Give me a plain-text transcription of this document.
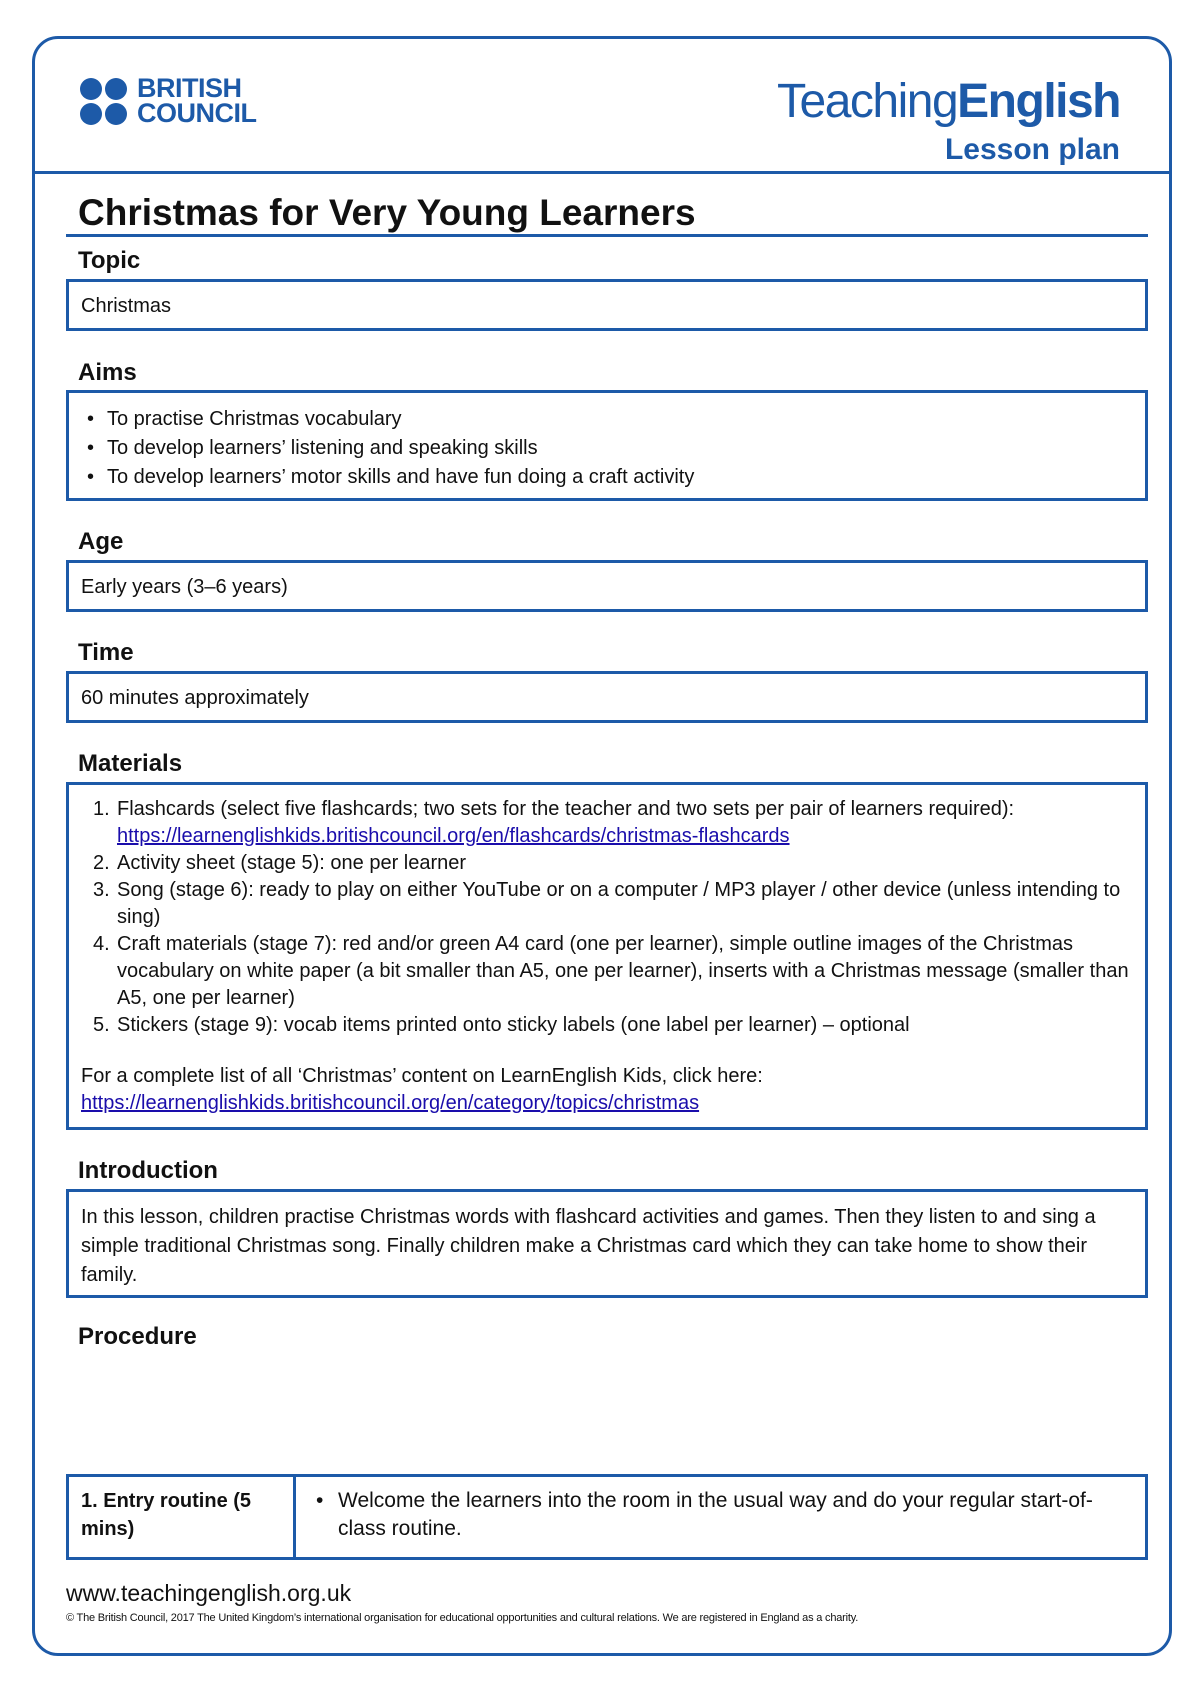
BRITISH
COUNCIL	TeachingEnglish
Lesson plan
Christmas for Very Young Learners
Topic

Christmas

Aims
• To practise Christmas vocabulary
• To develop learners’ listening and speaking skills
• To develop learners’ motor skills and have fun doing a craft activity
Age

Early years (3–6 years)

Time

60 minutes approximately

Materials
1. Flashcards (select five flashcards; two sets for the teacher and two sets per pair of learners required):
https://learnenglishkids.britishcouncil.org/en/flashcards/christmas-flashcards
2. Activity sheet (stage 5): one per learner
3. Song (stage 6): ready to play on either YouTube or on a computer / MP3 player / other device (unless intending to sing)
4. Craft materials (stage 7): red and/or green A4 card (one per learner), simple outline images of the Christmas vocabulary on white paper (a bit smaller than A5, one per learner), inserts with a Christmas message (smaller than A5, one per learner)
5. Stickers (stage 9): vocab items printed onto sticky labels (one label per learner) – optional

For a complete list of all ‘Christmas’ content on LearnEnglish Kids, click here:

https://learnenglishkids.britishcouncil.org/en/category/topics/christmas

Introduction

In this lesson, children practise Christmas words with flashcard activities and games. Then they listen to and sing a simple traditional Christmas song. Finally children make a Christmas card which they can take home to show their family.

Procedure
1. Entry routine (5 mins)
• Welcome the learners into the room in the usual way and do your regular start-of-class routine.
www.teachingenglish.org.uk
© The British Council, 2017 The United Kingdom’s international organisation for educational opportunities and cultural relations. We are registered in England as a charity.
